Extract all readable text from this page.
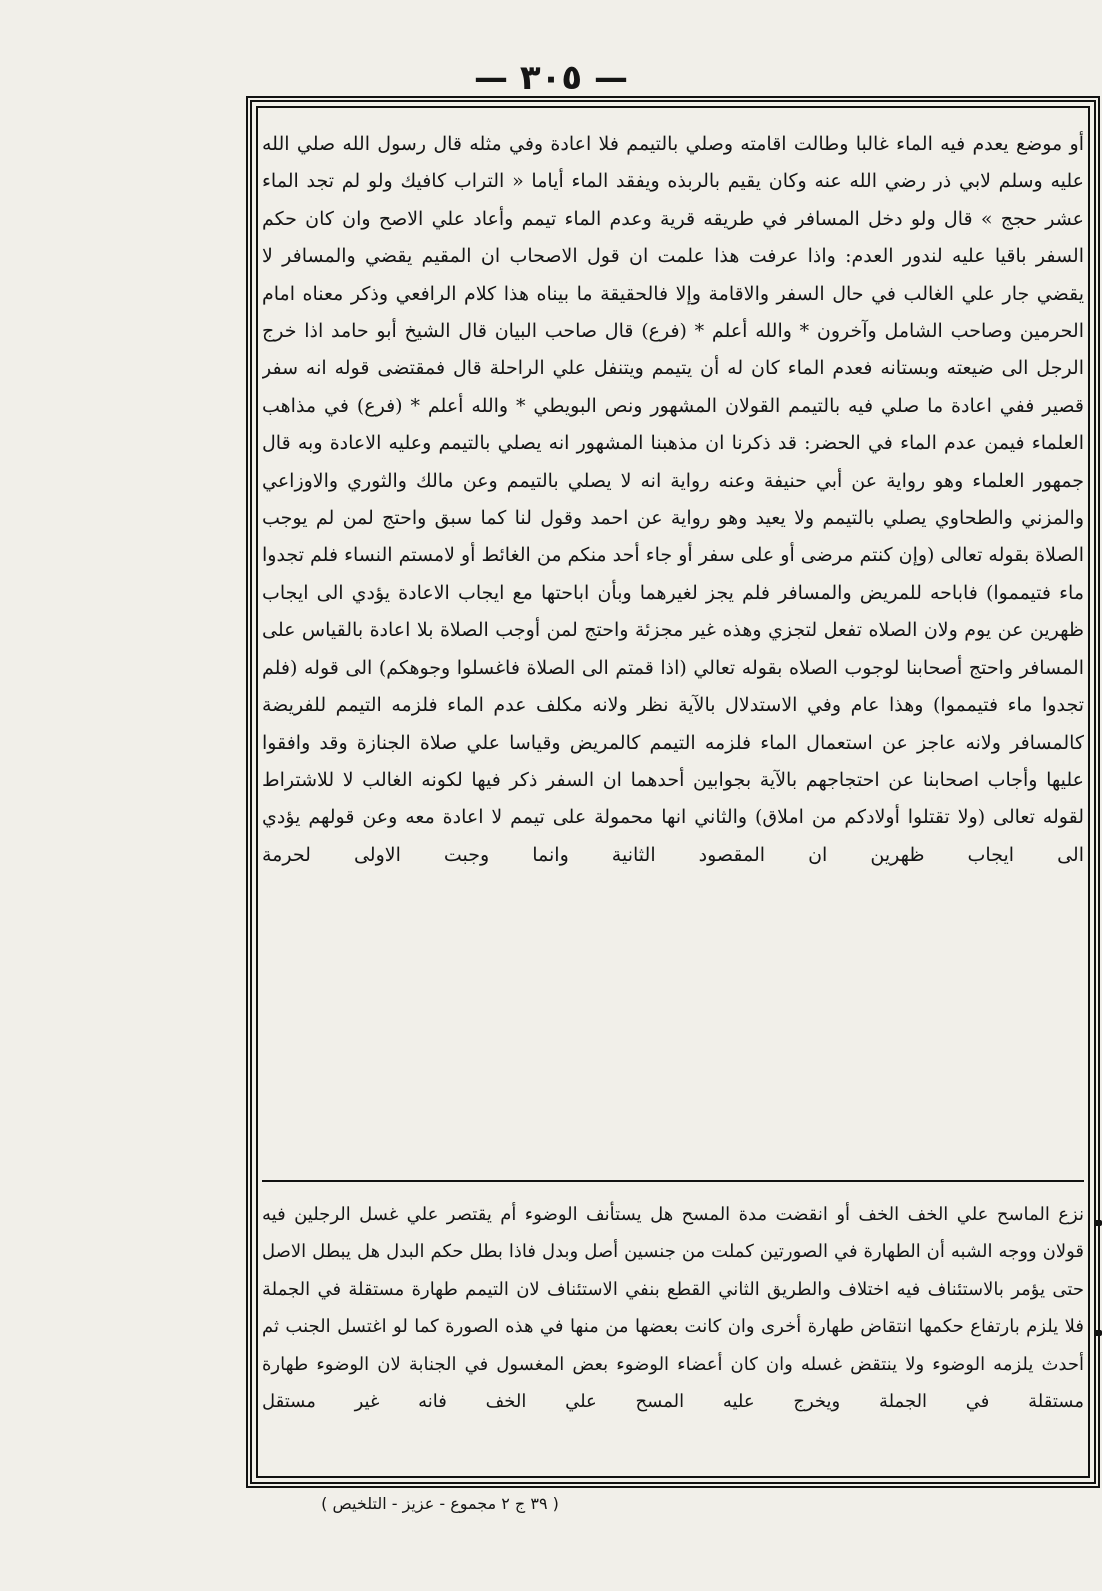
— ٣٠٥ —

أو موضع يعدم فيه الماء غالبا وطالت اقامته وصلي بالتيمم فلا اعادة وفي مثله قال رسول الله صلي الله عليه وسلم لابي ذر رضي الله عنه وكان يقيم بالربذه ويفقد الماء أياما « التراب كافيك ولو لم تجد الماء عشر حجج » قال ولو دخل المسافر في طريقه قرية وعدم الماء تيمم وأعاد علي الاصح وان كان حكم السفر باقيا عليه لندور العدم: واذا عرفت هذا علمت ان قول الاصحاب ان المقيم يقضي والمسافر لا يقضي جار علي الغالب في حال السفر والاقامة وإلا فالحقيقة ما بيناه هذا كلام الرافعي وذكر معناه امام الحرمين وصاحب الشامل وآخرون * والله أعلم * (فرع) قال صاحب البيان قال الشيخ أبو حامد اذا خرج الرجل الى ضيعته وبستانه فعدم الماء كان له أن يتيمم ويتنفل علي الراحلة قال فمقتضى قوله انه سفر قصير ففي اعادة ما صلي فيه بالتيمم القولان المشهور ونص البويطي * والله أعلم * (فرع) في مذاهب العلماء فيمن عدم الماء في الحضر: قد ذكرنا ان مذهبنا المشهور انه يصلي بالتيمم وعليه الاعادة وبه قال جمهور العلماء وهو رواية عن أبي حنيفة وعنه رواية انه لا يصلي بالتيمم وعن مالك والثوري والاوزاعي والمزني والطحاوي يصلي بالتيمم ولا يعيد وهو رواية عن احمد وقول لنا كما سبق واحتج لمن لم يوجب الصلاة بقوله تعالى (وإن كنتم مرضى أو على سفر أو جاء أحد منكم من الغائط أو لامستم النساء فلم تجدوا ماء فتيمموا) فاباحه للمريض والمسافر فلم يجز لغيرهما وبأن اباحتها مع ايجاب الاعادة يؤدي الى ايجاب ظهرين عن يوم ولان الصلاه تفعل لتجزي وهذه غير مجزئة واحتج لمن أوجب الصلاة بلا اعادة بالقياس على المسافر واحتج أصحابنا لوجوب الصلاه بقوله تعالي (اذا قمتم الى الصلاة فاغسلوا وجوهكم) الى قوله (فلم تجدوا ماء فتيمموا) وهذا عام وفي الاستدلال بالآية نظر ولانه مكلف عدم الماء فلزمه التيمم للفريضة كالمسافر ولانه عاجز عن استعمال الماء فلزمه التيمم كالمريض وقياسا علي صلاة الجنازة وقد وافقوا عليها وأجاب اصحابنا عن احتجاجهم بالآية بجوابين أحدهما ان السفر ذكر فيها لكونه الغالب لا للاشتراط لقوله تعالى (ولا تقتلوا أولادكم من املاق) والثاني انها محمولة على تيمم لا اعادة معه وعن قولهم يؤدي الى ايجاب ظهرين ان المقصود الثانية وانما وجبت الاولى لحرمة

نزع الماسح علي الخف الخف أو انقضت مدة المسح هل يستأنف الوضوء أم يقتصر علي غسل الرجلين فيه قولان ووجه الشبه أن الطهارة في الصورتين كملت من جنسين أصل وبدل فاذا بطل حكم البدل هل يبطل الاصل حتى يؤمر بالاستئناف فيه اختلاف والطريق الثاني القطع بنفي الاستئناف لان التيمم طهارة مستقلة في الجملة فلا يلزم بارتفاع حكمها انتقاض طهارة أخرى وان كانت بعضها من منها في هذه الصورة كما لو اغتسل الجنب ثم أحدث يلزمه الوضوء ولا ينتقض غسله وان كان أعضاء الوضوء بعض المغسول في الجنابة لان الوضوء طهارة مستقلة في الجملة ويخرج عليه المسح علي الخف فانه غير مستقل

( ٣٩ ج ٢ مجموع - عزيز - التلخيص )
